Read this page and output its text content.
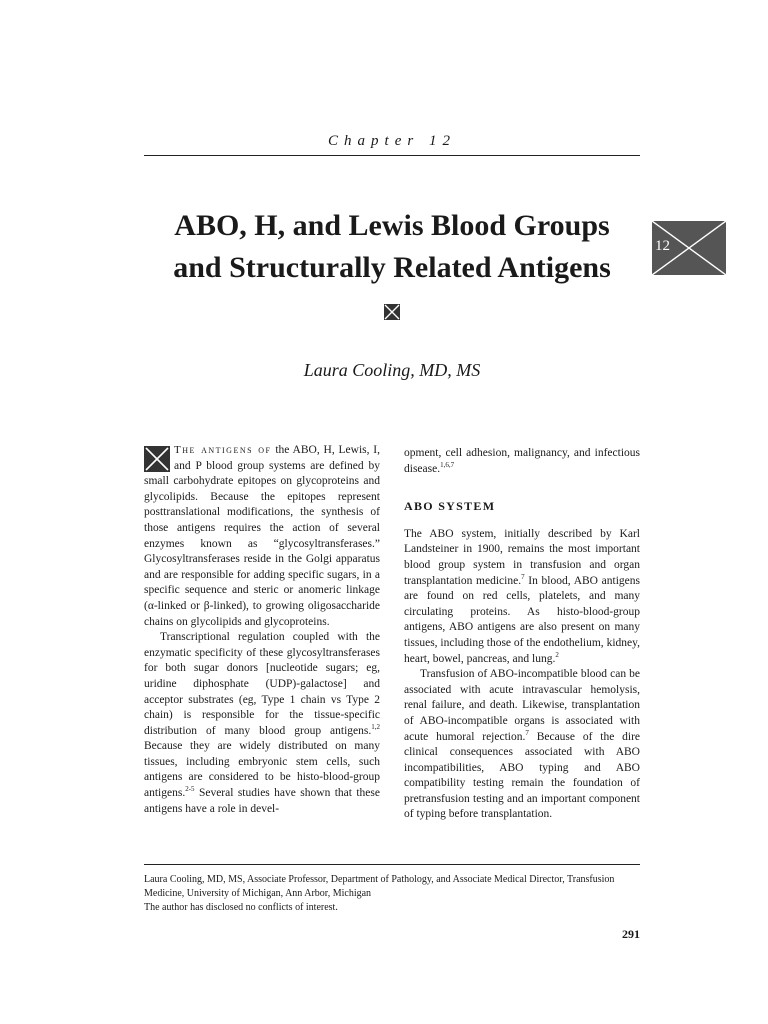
Chapter 12
12
ABO, H, and Lewis Blood Groups
and Structurally Related Antigens
Laura Cooling, MD, MS

The antigens of the ABO, H, Lewis, I, and P blood group systems are defined by small carbohydrate epitopes on glycoproteins and glycolipids. Because the epitopes represent posttranslational modifications, the synthesis of those antigens requires the action of several enzymes known as “glycosyltransferases.” Glycosyltransferases reside in the Golgi apparatus and are responsible for adding specific sugars, in a specific sequence and steric or anomeric linkage (α-linked or β-linked), to growing oligosaccharide chains on glycolipids and glycoproteins.

Transcriptional regulation coupled with the enzymatic specificity of these glycosyltransferases for both sugar donors [nucleotide sugars; eg, uridine diphosphate (UDP)-galactose] and acceptor substrates (eg, Type 1 chain vs Type 2 chain) is responsible for the tissue-specific distribution of many blood group antigens.$^{1,2}$ Because they are widely distributed on many tissues, including embryonic stem cells, such antigens are considered to be histo-blood-group antigens.$^{2-5}$ Several studies have shown that these antigens have a role in devel-

opment, cell adhesion, malignancy, and infectious disease.$^{1,6,7}$

ABO SYSTEM

The ABO system, initially described by Karl Landsteiner in 1900, remains the most important blood group system in transfusion and organ transplantation medicine.$^7$ In blood, ABO antigens are found on red cells, platelets, and many circulating proteins. As histo-blood-group antigens, ABO antigens are also present on many tissues, including those of the endothelium, kidney, heart, bowel, pancreas, and lung.$^2$

Transfusion of ABO-incompatible blood can be associated with acute intravascular hemolysis, renal failure, and death. Likewise, transplantation of ABO-incompatible organs is associated with acute humoral rejection.$^7$ Because of the dire clinical consequences associated with ABO incompatibilities, ABO typing and ABO compatibility testing remain the foundation of pretransfusion testing and an important component of typing before transplantation.

Laura Cooling, MD, MS, Associate Professor, Department of Pathology, and Associate Medical Director, Transfusion Medicine, University of Michigan, Ann Arbor, Michigan
The author has disclosed no conflicts of interest.
291
